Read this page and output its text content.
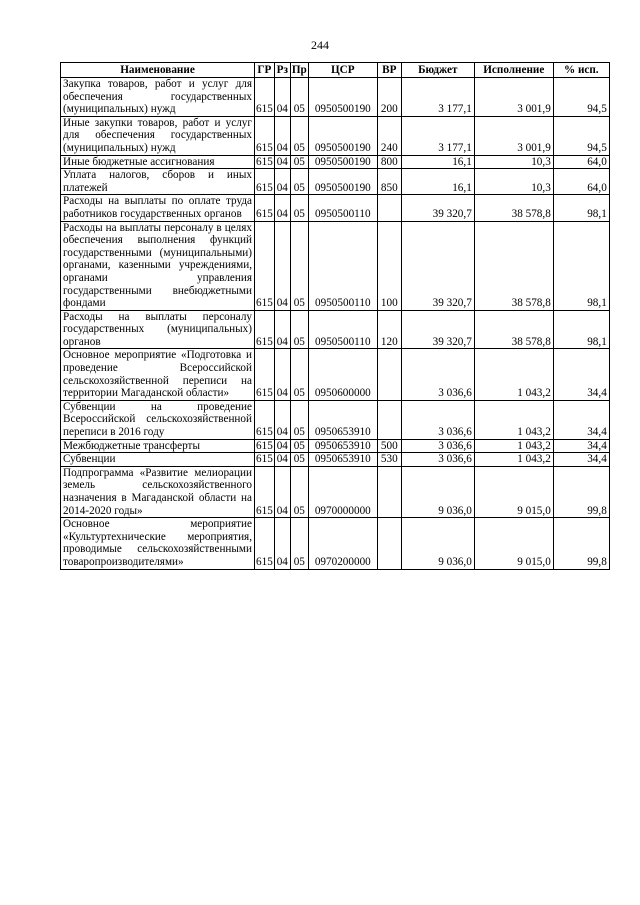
244
Наименование	ГР	Рз	Пр	ЦСР	ВР	Бюджет	Исполнение	% исп.
Закупка товаров, работ и услуг для обеспечения государственных (муниципальных) нужд	615	04	05	0950500190	200	3 177,1	3 001,9	94,5
Иные закупки товаров, работ и услуг для обеспечения государственных (муниципальных) нужд	615	04	05	0950500190	240	3 177,1	3 001,9	94,5
Иные бюджетные ассигнования	615	04	05	0950500190	800	16,1	10,3	64,0
Уплата налогов, сборов и иных платежей	615	04	05	0950500190	850	16,1	10,3	64,0
Расходы на выплаты по оплате труда работников государственных органов	615	04	05	0950500110		39 320,7	38 578,8	98,1
Расходы на выплаты персоналу в целях обеспечения выполнения функций государственными (муниципальными) органами, казенными учреждениями, органами управления государственными внебюджетными фондами	615	04	05	0950500110	100	39 320,7	38 578,8	98,1
Расходы на выплаты персоналу государственных (муниципальных) органов	615	04	05	0950500110	120	39 320,7	38 578,8	98,1
Основное мероприятие «Подготовка и проведение Всероссийской сельскохозяйственной переписи на территории Магаданской области»	615	04	05	0950600000		3 036,6	1 043,2	34,4
Субвенции на проведение Всероссийской сельскохозяйственной переписи в 2016 году	615	04	05	0950653910		3 036,6	1 043,2	34,4
Межбюджетные трансферты	615	04	05	0950653910	500	3 036,6	1 043,2	34,4
Субвенции	615	04	05	0950653910	530	3 036,6	1 043,2	34,4
Подпрограмма «Развитие мелиорации земель сельскохозяйственного назначения в Магаданской области на 2014-2020 годы»	615	04	05	0970000000		9 036,0	9 015,0	99,8
Основное мероприятие «Культуртехнические мероприятия, проводимые сельскохозяйственными товаропроизводителями»	615	04	05	0970200000		9 036,0	9 015,0	99,8
